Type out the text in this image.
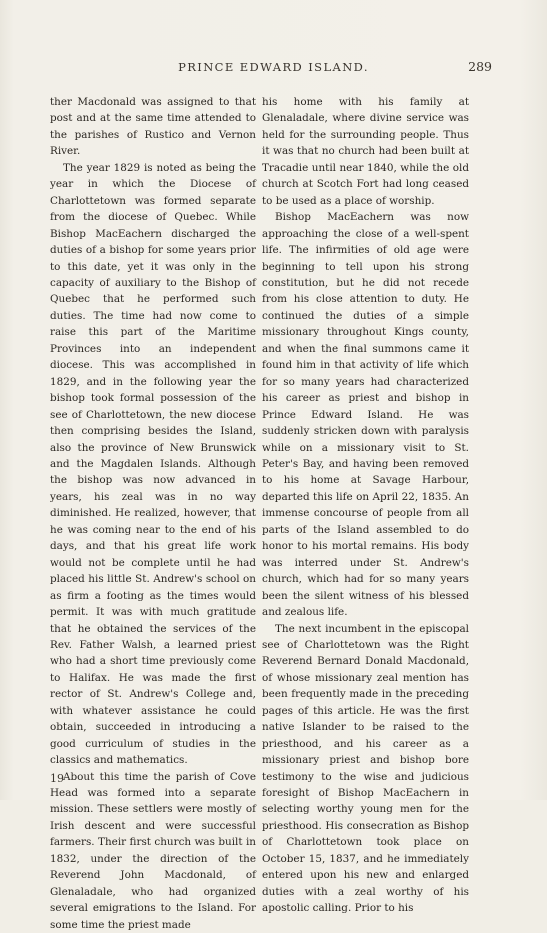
PRINCE EDWARD ISLAND.	289

ther Macdonald was assigned to that post and at the same time attended to the parishes of Rustico and Vernon River.

The year 1829 is noted as being the year in which the Diocese of Charlottetown was formed separate from the diocese of Quebec. While Bishop MacEachern discharged the duties of a bishop for some years prior to this date, yet it was only in the capacity of auxiliary to the Bishop of Quebec that he performed such duties. The time had now come to raise this part of the Maritime Provinces into an independent diocese. This was accomplished in 1829, and in the following year the bishop took formal possession of the see of Charlottetown, the new diocese then comprising besides the Island, also the province of New Brunswick and the Magdalen Islands. Although the bishop was now advanced in years, his zeal was in no way diminished. He realized, however, that he was coming near to the end of his days, and that his great life work would not be complete until he had placed his little St. Andrew's school on as firm a footing as the times would permit. It was with much gratitude that he obtained the services of the Rev. Father Walsh, a learned priest who had a short time previously come to Halifax. He was made the first rector of St. Andrew's College and, with whatever assistance he could obtain, succeeded in introducing a good curriculum of studies in the classics and mathematics.

About this time the parish of Cove Head was formed into a separate mission. These settlers were mostly of Irish descent and were successful farmers. Their first church was built in 1832, under the direction of the Reverend John Macdonald, of Glenaladale, who had organized several emigrations to the Island. For some time the priest made

his home with his family at Glenaladale, where divine service was held for the surrounding people. Thus it was that no church had been built at Tracadie until near 1840, while the old church at Scotch Fort had long ceased to be used as a place of worship.

Bishop MacEachern was now approaching the close of a well-spent life. The infirmities of old age were beginning to tell upon his strong constitution, but he did not recede from his close attention to duty. He continued the duties of a simple missionary throughout Kings county, and when the final summons came it found him in that activity of life which for so many years had characterized his career as priest and bishop in Prince Edward Island. He was suddenly stricken down with paralysis while on a missionary visit to St. Peter's Bay, and having been removed to his home at Savage Harbour, departed this life on April 22, 1835. An immense concourse of people from all parts of the Island assembled to do honor to his mortal remains. His body was interred under St. Andrew's church, which had for so many years been the silent witness of his blessed and zealous life.

The next incumbent in the episcopal see of Charlottetown was the Right Reverend Bernard Donald Macdonald, of whose missionary zeal mention has been frequently made in the preceding pages of this article. He was the first native Islander to be raised to the priesthood, and his career as a missionary priest and bishop bore testimony to the wise and judicious foresight of Bishop MacEachern in selecting worthy young men for the priesthood. His consecration as Bishop of Charlottetown took place on October 15, 1837, and he immediately entered upon his new and enlarged duties with a zeal worthy of his apostolic calling. Prior to his

19
